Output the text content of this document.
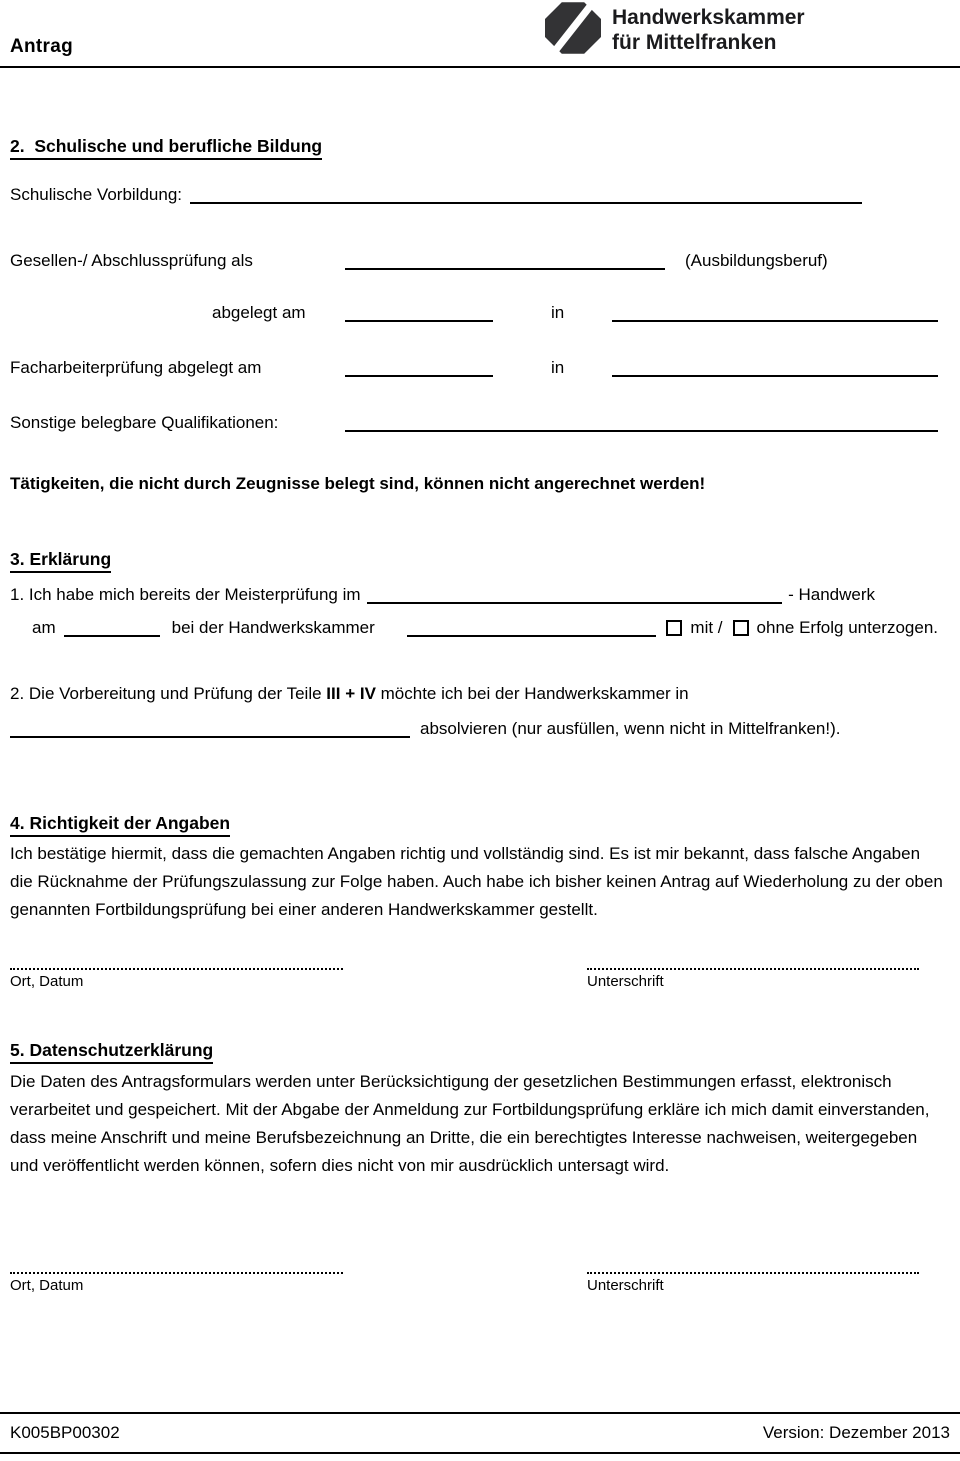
Antrag
Handwerkskammer
für Mittelfranken
2.  Schulische und berufliche Bildung
Schulische Vorbildung:
Gesellen-/ Abschlussprüfung als	(Ausbildungsberuf)
abgelegt am	in
Facharbeiterprüfung abgelegt am	in
Sonstige belegbare Qualifikationen:
Tätigkeiten, die nicht durch Zeugnisse belegt sind, können nicht angerechnet werden!
3. Erklärung
1. Ich habe mich bereits der Meisterprüfung im	- Handwerk
am	bei der Handwerkskammer	mit / ohne Erfolg unterzogen.
2. Die Vorbereitung und Prüfung der Teile III + IV möchte ich bei der Handwerkskammer in
absolvieren (nur ausfüllen, wenn nicht in Mittelfranken!).
4. Richtigkeit der Angaben
Ich bestätige hiermit, dass die gemachten Angaben richtig und vollständig sind. Es ist mir bekannt, dass falsche Angaben die Rücknahme der Prüfungszulassung zur Folge haben. Auch habe ich bisher keinen Antrag auf Wiederholung zu der oben genannten Fortbildungsprüfung bei einer anderen Handwerkskammer gestellt.
Ort, Datum	Unterschrift
5. Datenschutzerklärung
Die Daten des Antragsformulars werden unter Berücksichtigung der gesetzlichen Bestimmungen erfasst, elektronisch verarbeitet und gespeichert. Mit der Abgabe der Anmeldung zur Fortbildungsprüfung erkläre ich mich damit einverstanden, dass meine Anschrift und meine Berufsbezeichnung an Dritte, die ein berechtigtes Interesse nachweisen, weitergegeben und veröffentlicht werden können, sofern dies nicht von mir ausdrücklich untersagt wird.
Ort, Datum	Unterschrift
K005BP00302	Version: Dezember 2013
